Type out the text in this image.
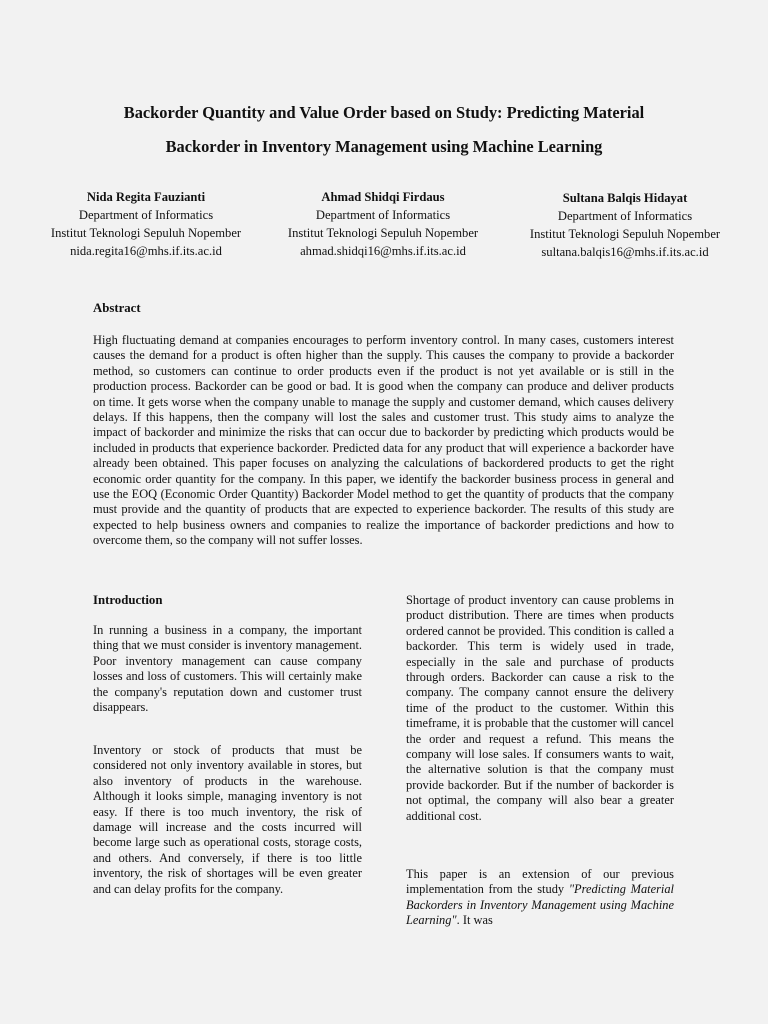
Backorder Quantity and Value Order based on Study: Predicting Material
Backorder in Inventory Management using Machine Learning
Nida Regita Fauzianti
Department of Informatics
Institut Teknologi Sepuluh Nopember
nida.regita16@mhs.if.its.ac.id
Ahmad Shidqi Firdaus
Department of Informatics
Institut Teknologi Sepuluh Nopember
ahmad.shidqi16@mhs.if.its.ac.id
Sultana Balqis Hidayat
Department of Informatics
Institut Teknologi Sepuluh Nopember
sultana.balqis16@mhs.if.its.ac.id
Abstract

High fluctuating demand at companies encourages to perform inventory control. In many cases, customers interest causes the demand for a product is often higher than the supply. This causes the company to provide a backorder method, so customers can continue to order products even if the product is not yet available or is still in the production process. Backorder can be good or bad. It is good when the company can produce and deliver products on time. It gets worse when the company unable to manage the supply and customer demand, which causes delivery delays. If this happens, then the company will lost the sales and customer trust. This study aims to analyze the impact of backorder and minimize the risks that can occur due to backorder by predicting which products would be included in products that experience backorder. Predicted data for any product that will experience a backorder have already been obtained. This paper focuses on analyzing the calculations of backordered products to get the right economic order quantity for the company. In this paper, we identify the backorder business process in general and use the EOQ (Economic Order Quantity) Backorder Model method to get the quantity of products that the company must provide and the quantity of products that are expected to experience backorder. The results of this study are expected to help business owners and companies to realize the importance of backorder predictions and how to overcome them, so the company will not suffer losses.

Introduction

In running a business in a company, the important thing that we must consider is inventory management. Poor inventory management can cause company losses and loss of customers. This will certainly make the company's reputation down and customer trust disappears.

Inventory or stock of products that must be considered not only inventory available in stores, but also inventory of products in the warehouse. Although it looks simple, managing inventory is not easy. If there is too much inventory, the risk of damage will increase and the costs incurred will become large such as operational costs, storage costs, and others. And conversely, if there is too little inventory, the risk of shortages will be even greater and can delay profits for the company.

Shortage of product inventory can cause problems in product distribution. There are times when products ordered cannot be provided. This condition is called a backorder. This term is widely used in trade, especially in the sale and purchase of products through orders. Backorder can cause a risk to the company. The company cannot ensure the delivery time of the product to the customer. Within this timeframe, it is probable that the customer will cancel the order and request a refund. This means the company will lose sales. If consumers wants to wait, the alternative solution is that the company must provide backorder. But if the number of backorder is not optimal, the company will also bear a greater additional cost.

This paper is an extension of our previous implementation from the study "Predicting Material Backorders in Inventory Management using Machine Learning". It was
